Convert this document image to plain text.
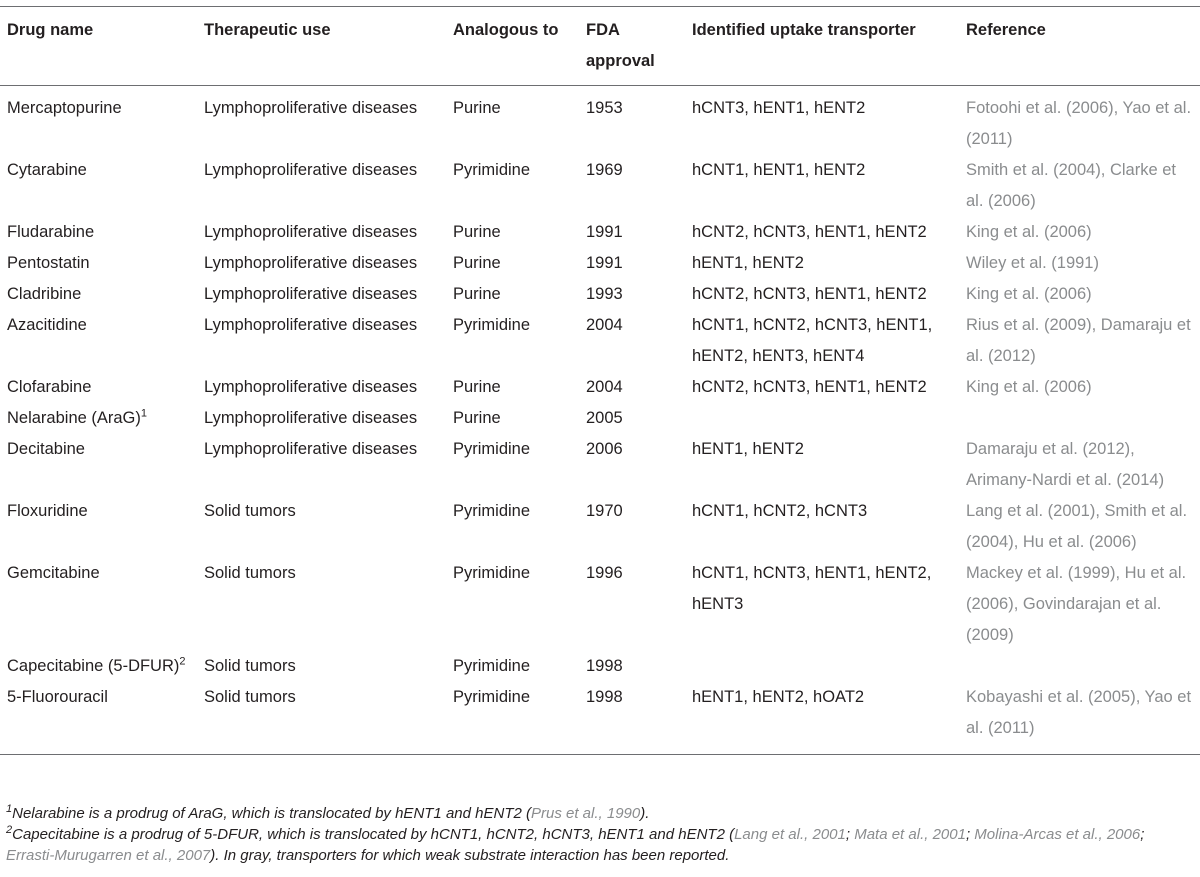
Drug name	Therapeutic use	Analogous to	FDA approval	Identified uptake transporter	Reference
Mercaptopurine	Lymphoproliferative diseases	Purine	1953	hCNT3, hENT1, hENT2	Fotoohi et al. (2006), Yao et al. (2011)
Cytarabine	Lymphoproliferative diseases	Pyrimidine	1969	hCNT1, hENT1, hENT2	Smith et al. (2004), Clarke et al. (2006)
Fludarabine	Lymphoproliferative diseases	Purine	1991	hCNT2, hCNT3, hENT1, hENT2	King et al. (2006)
Pentostatin	Lymphoproliferative diseases	Purine	1991	hENT1, hENT2	Wiley et al. (1991)
Cladribine	Lymphoproliferative diseases	Purine	1993	hCNT2, hCNT3, hENT1, hENT2	King et al. (2006)
Azacitidine	Lymphoproliferative diseases	Pyrimidine	2004	hCNT1, hCNT2, hCNT3, hENT1, hENT2, hENT3, hENT4	Rius et al. (2009), Damaraju et al. (2012)
Clofarabine	Lymphoproliferative diseases	Purine	2004	hCNT2, hCNT3, hENT1, hENT2	King et al. (2006)
Nelarabine (AraG)$^1$	Lymphoproliferative diseases	Purine	2005		
Decitabine	Lymphoproliferative diseases	Pyrimidine	2006	hENT1, hENT2	Damaraju et al. (2012), Arimany-Nardi et al. (2014)
Floxuridine	Solid tumors	Pyrimidine	1970	hCNT1, hCNT2, hCNT3	Lang et al. (2001), Smith et al. (2004), Hu et al. (2006)
Gemcitabine	Solid tumors	Pyrimidine	1996	hCNT1, hCNT3, hENT1, hENT2, hENT3	Mackey et al. (1999), Hu et al. (2006), Govindarajan et al. (2009)
Capecitabine (5-DFUR)$^2$	Solid tumors	Pyrimidine	1998		
5-Fluorouracil	Solid tumors	Pyrimidine	1998	hENT1, hENT2, hOAT2	Kobayashi et al. (2005), Yao et al. (2011)
$^1$Nelarabine is a prodrug of AraG, which is translocated by hENT1 and hENT2 (Prus et al., 1990).
$^2$Capecitabine is a prodrug of 5-DFUR, which is translocated by hCNT1, hCNT2, hCNT3, hENT1 and hENT2 (Lang et al., 2001; Mata et al., 2001; Molina-Arcas et al., 2006; Errasti-Murugarren et al., 2007). In gray, transporters for which weak substrate interaction has been reported.
